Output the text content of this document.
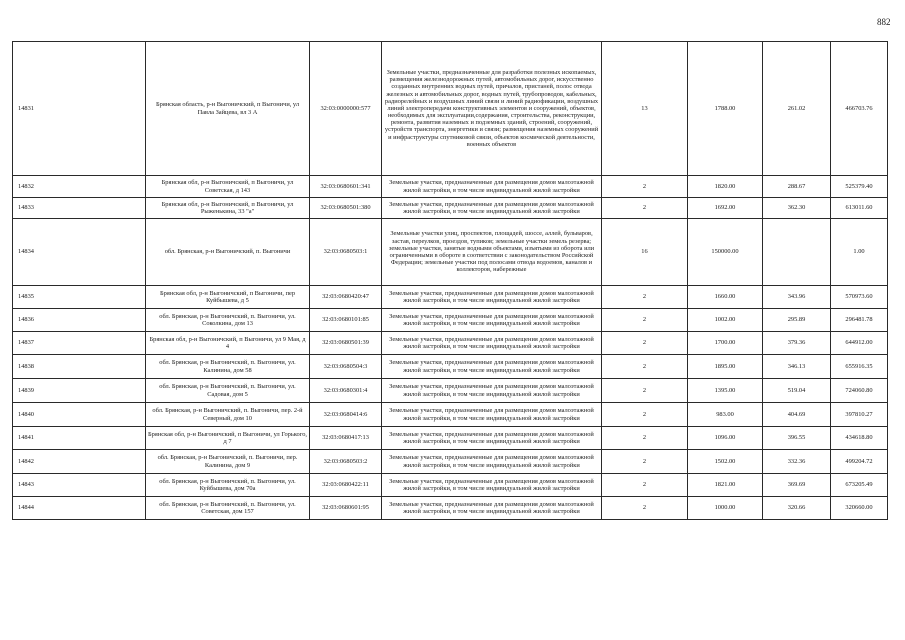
882
14831	Брянская область, р-н Выгоничский, п Выгоничи, ул Павла Зайцева, вл 3 А	32:03:0000000:577	Земельные участки, предназначенные для разработки полезных ископаемых, размещения железнодорожных путей, автомобильных дорог, искусственно созданных внутренних водных путей, причалов, пристаней, полос отвода железных и автомобильных дорог, водных путей, трубопроводов, кабельных, радиорелейных и воздушных линий связи и линий радиофикации, воздушных линий электропередачи конструктивных элементов и сооружений, объектов, необходимых для эксплуатации,содержания, строительства, реконструкции, ремонта, развития наземных и подземных зданий, строений, сооружений, устройств транспорта, энергетики и связи; размещения наземных сооружений и инфраструктуры спутниковой связи, объектов космической деятельности, военных объектов	13	1788.00	261.02	466703.76

14832	Брянская обл, р-н Выгоничский, п Выгоничи, ул Советская, д 143	32:03:0680601:341	Земельные участки, предназначенные для размещения домов малоэтажной жилой застройки, в том числе индивидуальной жилой застройки	2	1820.00	288.67	525379.40

14833	Брянская обл, р-н Выгоничский, п Выгоничи, ул Рыженькина, 33 "а"	32:03:0680501:380	Земельные участки, предназначенные для размещения домов малоэтажной жилой застройки, в том числе индивидуальной жилой застройки	2	1692.00	362.30	613011.60

14834	обл. Брянская, р-н Выгоничский, п. Выгоничи	32:03:0680503:1	Земельные участки улиц, проспектов, площадей, шоссе, аллей, бульваров, застав, переулков, проездов, тупиков; земельные участки земель резерва; земельные участки, занятые водными объектами, изъятыми из оборота или ограниченными в обороте в соответствии с законодательством Российской Федерации; земельные участки под полосами отвода водоемов, каналов и коллекторов, набережные	16	150000.00		1.00

14835	Брянская обл, р-н Выгоничский, п Выгоничи, пер Куйбышева, д 5	32:03:0680420:47	Земельные участки, предназначенные для размещения домов малоэтажной жилой застройки, в том числе индивидуальной жилой застройки	2	1660.00	343.96	570973.60

14836	обл. Брянская, р-н Выгоничский, п. Выгоничи, ул. Соколкина, дом 13	32:03:0680101:85	Земельные участки, предназначенные для размещения домов малоэтажной жилой застройки, в том числе индивидуальной жилой застройки	2	1002.00	295.89	296481.78

14837	Брянская обл, р-н Выгоничский, п Выгоничи, ул 9 Мая, д 4	32:03:0680501:39	Земельные участки, предназначенные для размещения домов малоэтажной жилой застройки, в том числе индивидуальной жилой застройки	2	1700.00	379.36	644912.00

14838	обл. Брянская, р-н Выгоничский, п. Выгоничи, ул. Калинина, дом 58	32:03:0680504:3	Земельные участки, предназначенные для размещения домов малоэтажной жилой застройки, в том числе индивидуальной жилой застройки	2	1895.00	346.13	655916.35

14839	обл. Брянская, р-н Выгоничский, п. Выгоничи, ул. Садовая, дом 5	32:03:0680301:4	Земельные участки, предназначенные для размещения домов малоэтажной жилой застройки, в том числе индивидуальной жилой застройки	2	1395.00	519.04	724060.80

14840	обл. Брянская, р-н Выгоничский, п. Выгоничи, пер. 2-й Северный, дом 10	32:03:0680414:6	Земельные участки, предназначенные для размещения домов малоэтажной жилой застройки, в том числе индивидуальной жилой застройки	2	983.00	404.69	397810.27

14841	Брянская обл, р-н Выгоничский, п Выгоничи, ул Горького, д 7	32:03:0680417:13	Земельные участки, предназначенные для размещения домов малоэтажной жилой застройки, в том числе индивидуальной жилой застройки	2	1096.00	396.55	434618.80

14842	обл. Брянская, р-н Выгоничский, п. Выгоничи, пер. Калинина, дом 9	32:03:0680503:2	Земельные участки, предназначенные для размещения домов малоэтажной жилой застройки, в том числе индивидуальной жилой застройки	2	1502.00	332.36	499204.72

14843	обл. Брянская, р-н Выгоничский, п. Выгоничи, ул. Куйбышева, дом 70а	32:03:0680422:11	Земельные участки, предназначенные для размещения домов малоэтажной жилой застройки, в том числе индивидуальной жилой застройки	2	1821.00	369.69	673205.49

14844	обл. Брянская, р-н Выгоничский, п. Выгоничи, ул. Советская, дом 157	32:03:0680601:95	Земельные участки, предназначенные для размещения домов малоэтажной жилой застройки, в том числе индивидуальной жилой застройки	2	1000.00	320.66	320660.00
